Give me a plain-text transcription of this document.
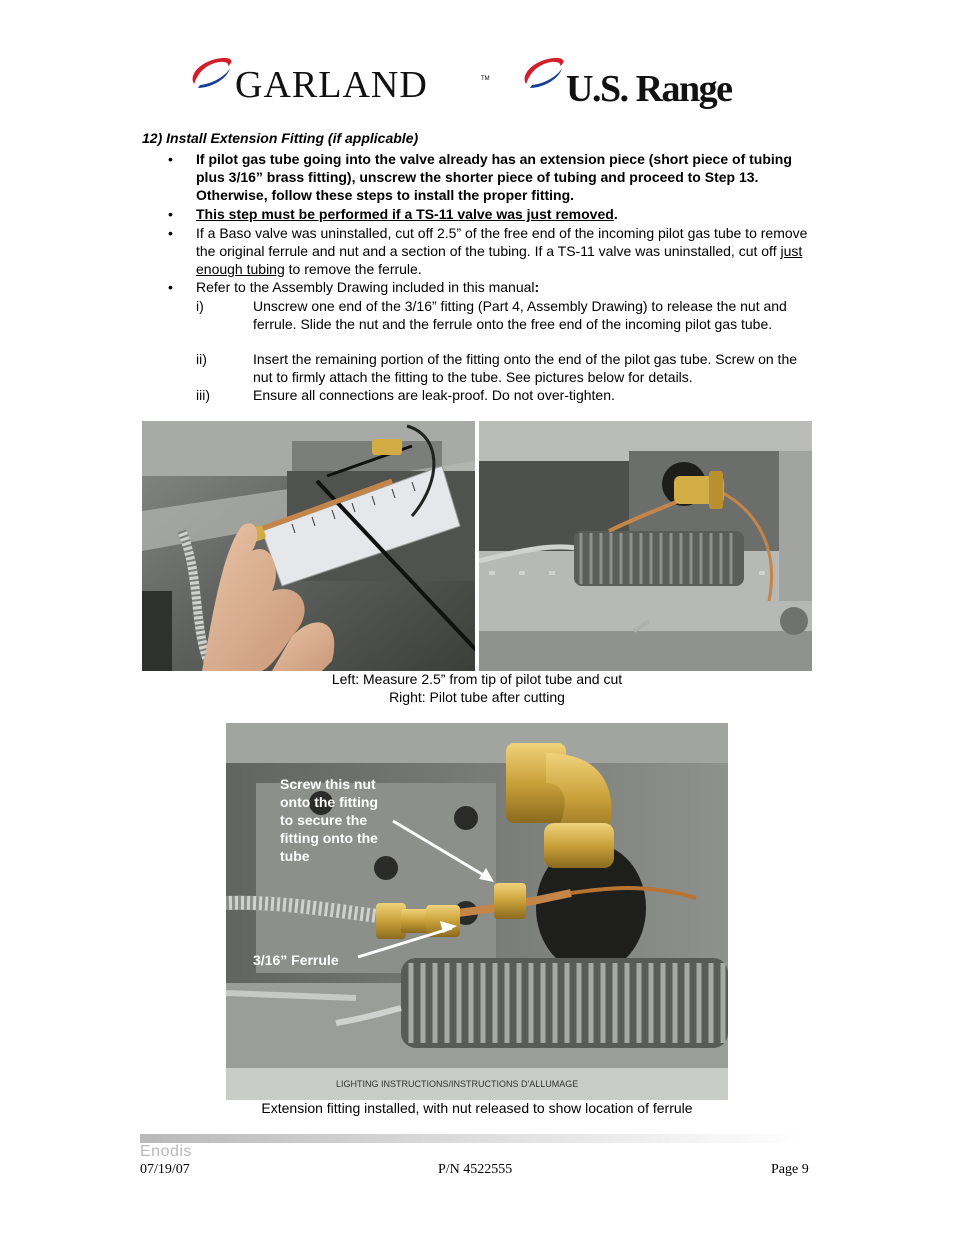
GARLAND	TM U.S. Range
12) Install Extension Fitting (if applicable)
• If pilot gas tube going into the valve already has an extension piece (short piece of tubing plus 3/16” brass fitting), unscrew the shorter piece of tubing and proceed to Step 13. Otherwise, follow these steps to install the proper fitting.
• This step must be performed if a TS-11 valve was just removed.
• If a Baso valve was uninstalled, cut off 2.5” of the free end of the incoming pilot gas tube to remove the original ferrule and nut and a section of the tubing. If a TS-11 valve was uninstalled, cut off just enough tubing to remove the ferrule.
• Refer to the Assembly Drawing included in this manual:
i)	Unscrew one end of the 3/16” fitting (Part 4, Assembly Drawing) to release the nut and ferrule. Slide the nut and the ferrule onto the free end of the incoming pilot gas tube.
ii)	Insert the remaining portion of the fitting onto the end of the pilot gas tube. Screw on the nut to firmly attach the fitting to the tube. See pictures below for details.
iii)	Ensure all connections are leak-proof. Do not over-tighten.
Left: Measure 2.5” from tip of pilot tube and cut
Right: Pilot tube after cutting
LIGHTING INSTRUCTIONS/INSTRUCTIONS D'ALLUMAGE
Screw this nut onto the fitting to secure the fitting onto the tube
3/16” Ferrule
Extension fitting installed, with nut released to show location of ferrule
Enodis
07/19/07	P/N 4522555	Page 9
